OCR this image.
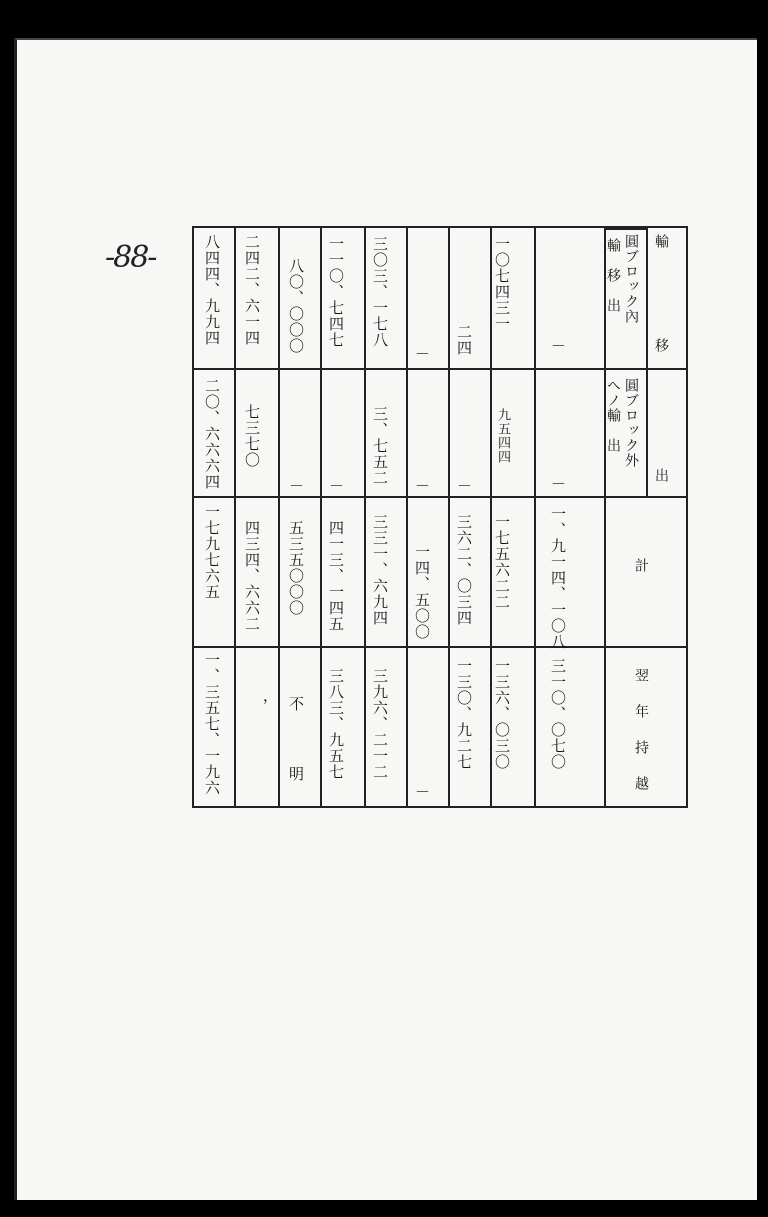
-88-	輸
移
出
圓ブロック內
圓ブロック外
輸　移　出
へノ輸　出
計
翌年持越
－
－
一、九一四、一〇八
三一〇、〇七〇
一〇七四三一
九五四四
一七五六二二
一三六、〇三〇
二四
－
三六二、〇三四
一三〇、九二七
－
－
一四、五〇〇
－
三〇三、一七八
三、七五二
三三一、六九四
三九六、二一二
一一〇、七四七
－
四一三、一四五
三八三、九五七
八〇、〇〇〇
－
五三五〇〇〇
不　明
二四二、六一四
七三七〇
四三四、六六二
，
八四四、九九四
二〇、六六六四
一七九七六五
一、三五七、一九六
